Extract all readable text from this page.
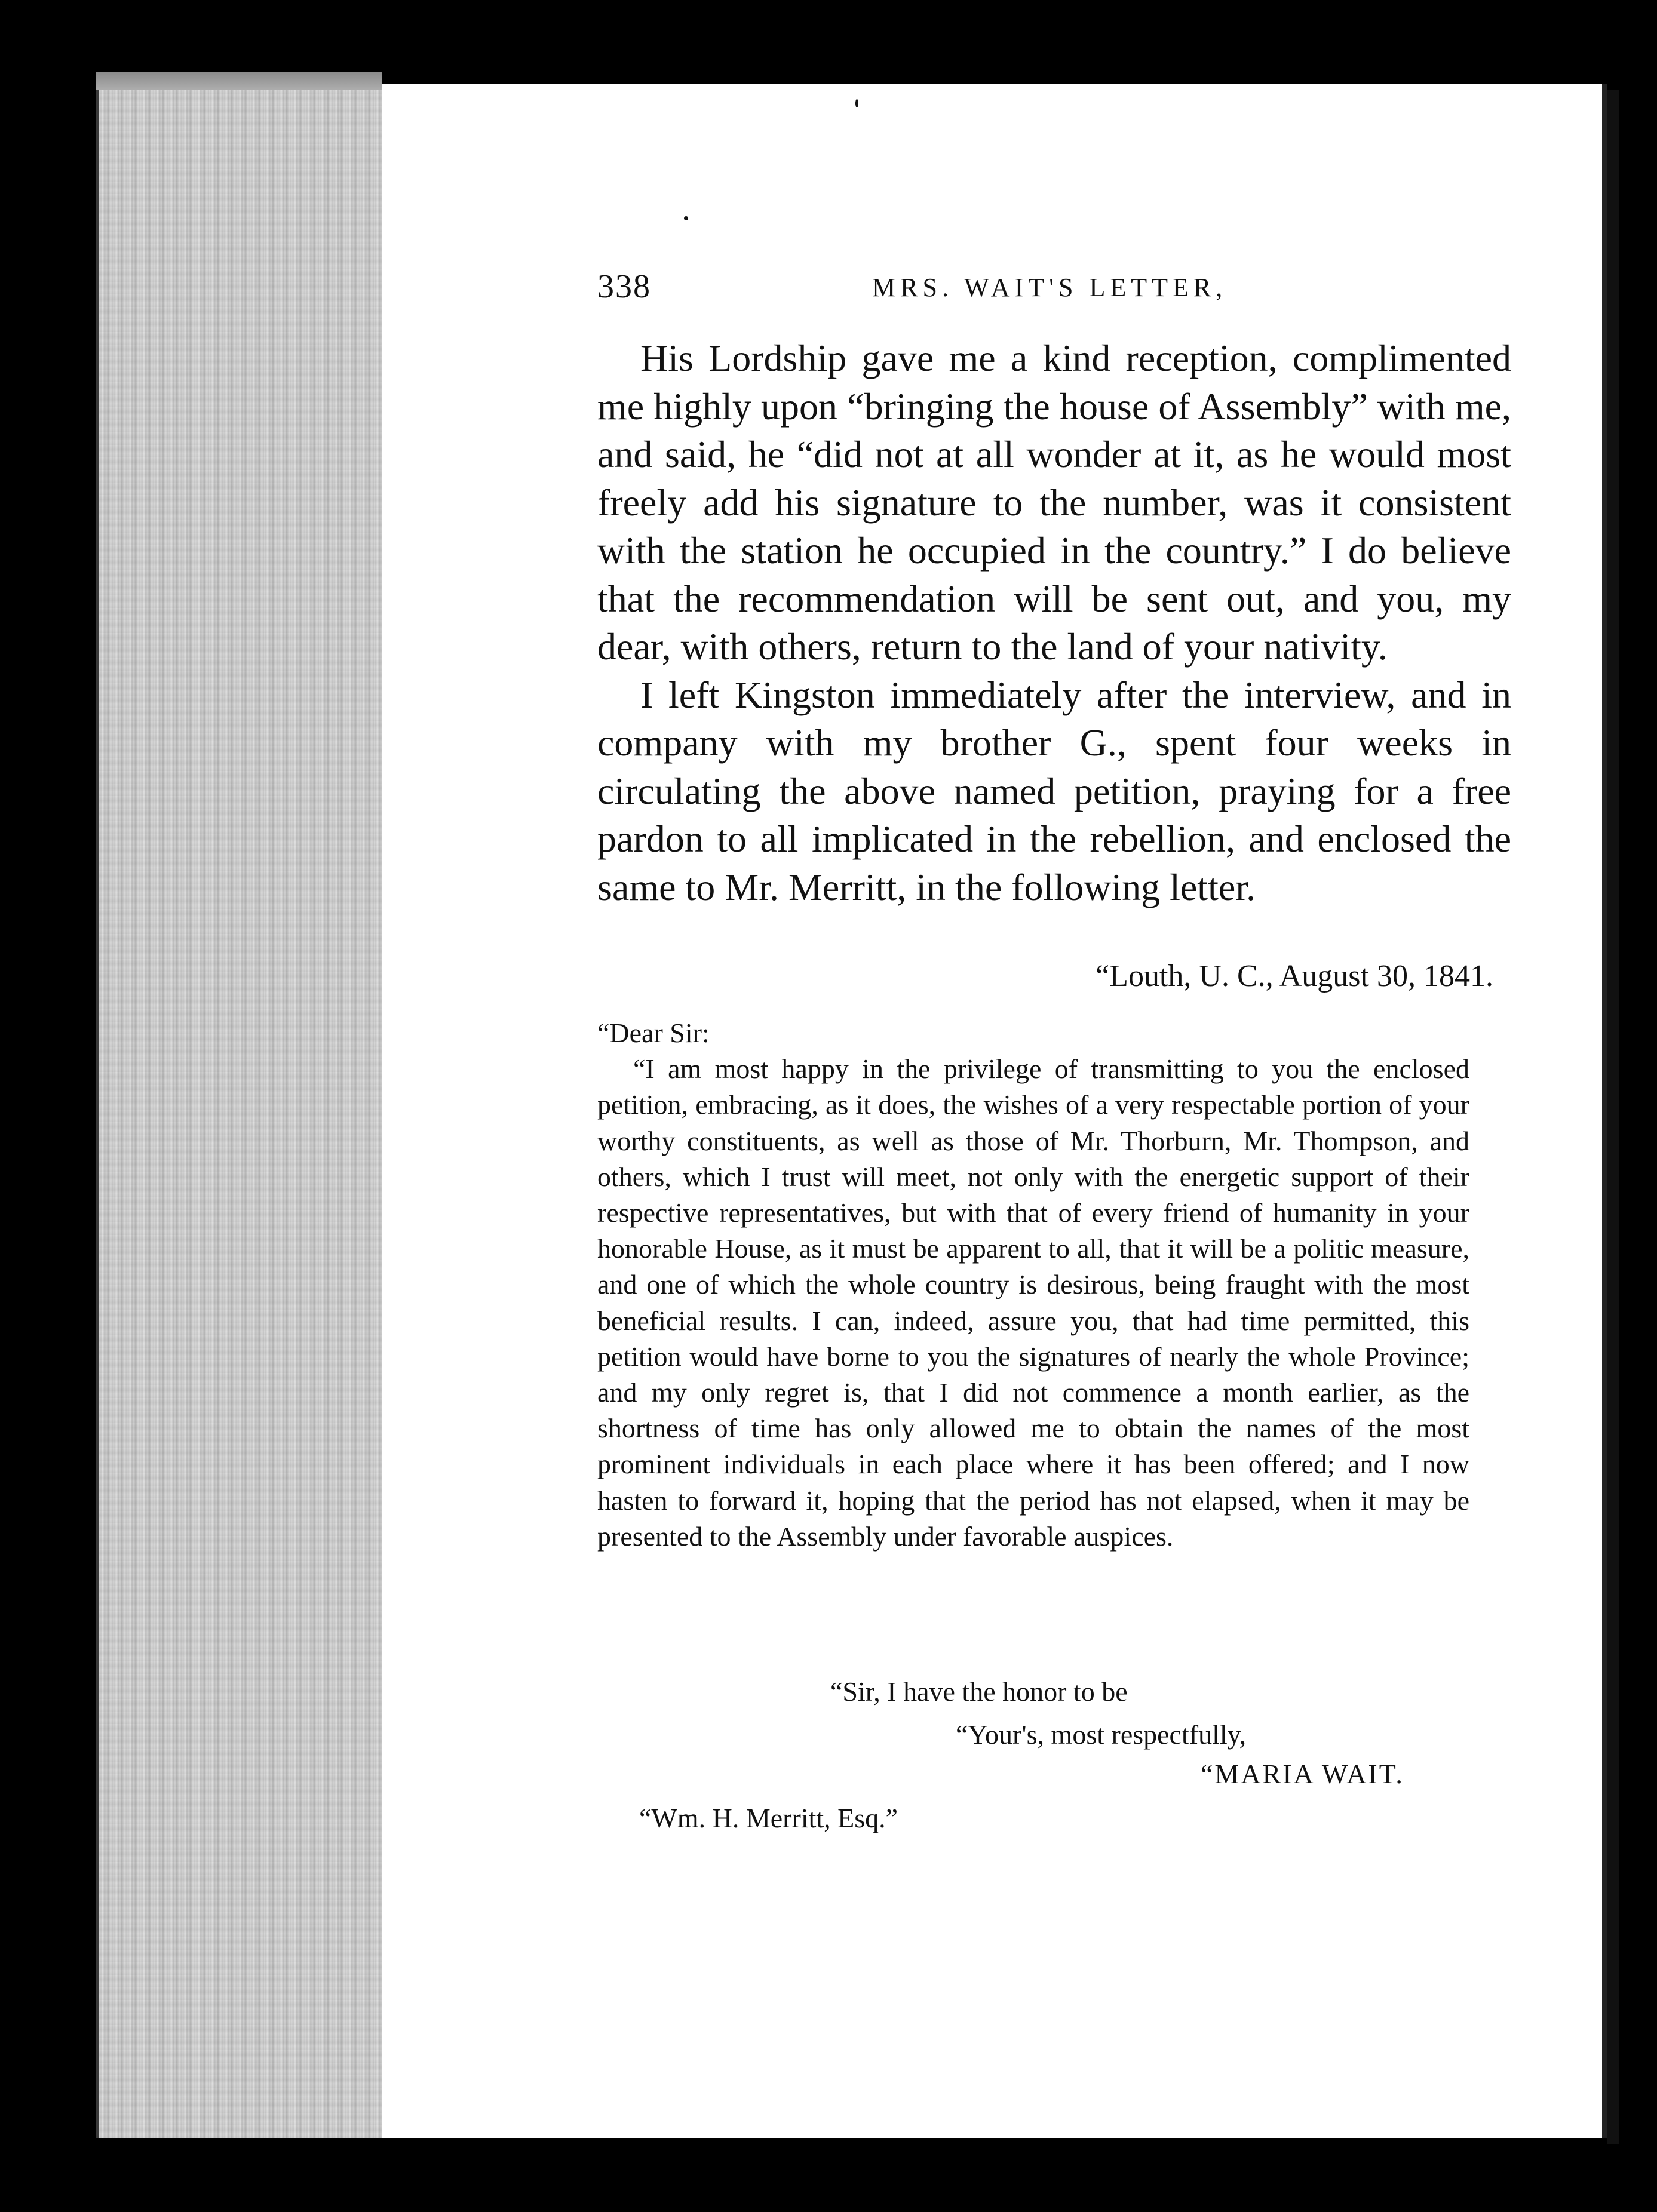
338	MRS. WAIT'S LETTER,

His Lordship gave me a kind reception, complimented me highly upon “bringing the house of Assembly” with me, and said, he “did not at all wonder at it, as he would most freely add his signature to the number, was it consistent with the station he occupied in the country.” I do believe that the recommendation will be sent out, and you, my dear, with others, return to the land of your nativity.

I left Kingston immediately after the interview, and in company with my brother G., spent four weeks in circulating the above named petition, praying for a free pardon to all implicated in the rebellion, and enclosed the same to Mr. Merritt, in the following letter.

“Louth, U. C., August 30, 1841.

“Dear Sir:

“I am most happy in the privilege of transmitting to you the enclosed petition, embracing, as it does, the wishes of a very respectable portion of your worthy constituents, as well as those of Mr. Thorburn, Mr. Thompson, and others, which I trust will meet, not only with the energetic support of their respective representatives, but with that of every friend of humanity in your honorable House, as it must be apparent to all, that it will be a politic measure, and one of which the whole country is desirous, being fraught with the most beneficial results. I can, indeed, assure you, that had time permitted, this petition would have borne to you the signatures of nearly the whole Province; and my only regret is, that I did not commence a month earlier, as the shortness of time has only allowed me to obtain the names of the most prominent individuals in each place where it has been offered; and I now hasten to forward it, hoping that the period has not elapsed, when it may be presented to the Assembly under favorable auspices.

“Sir, I have the honor to be
“Your's, most respectfully,
“MARIA WAIT.
“Wm. H. Merritt, Esq.”
